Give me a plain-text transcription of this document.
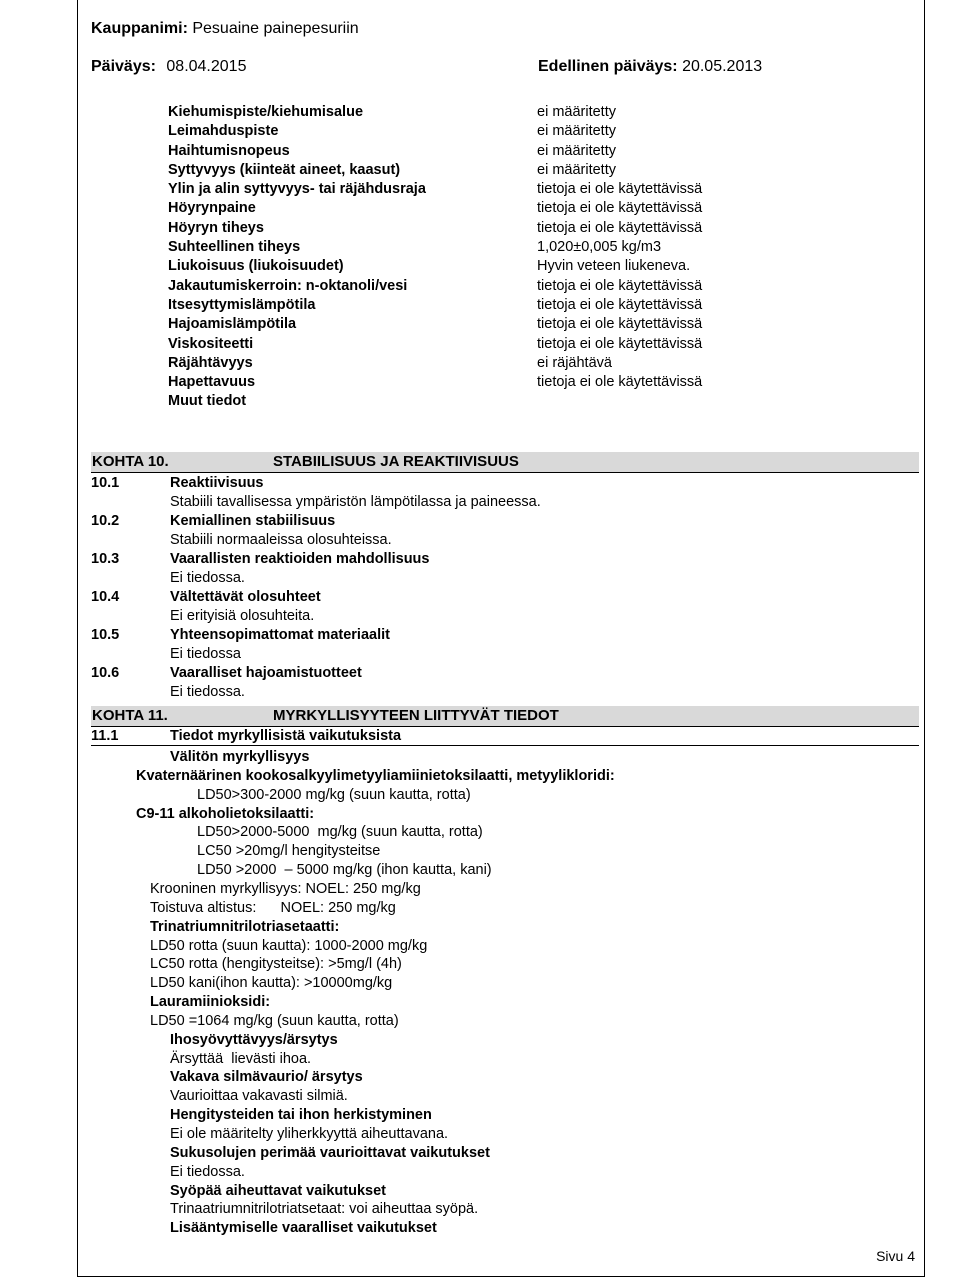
Kauppanimi: Pesuaine painepesuriin
Päiväys: 08.04.2015	Edellinen päiväys: 20.05.2013
Kiehumispiste/kiehumisalue	ei määritetty
Leimahduspiste	ei määritetty
Haihtumisnopeus	ei määritetty
Syttyvyys (kiinteät aineet, kaasut)	ei määritetty
Ylin ja alin syttyvyys- tai räjähdusraja	tietoja ei ole käytettävissä
Höyrynpaine	tietoja ei ole käytettävissä
Höyryn tiheys	tietoja ei ole käytettävissä
Suhteellinen tiheys	1,020±0,005 kg/m3
Liukoisuus (liukoisuudet)	Hyvin veteen liukeneva.
Jakautumiskerroin: n-oktanoli/vesi	tietoja ei ole käytettävissä
Itsesyttymislämpötila	tietoja ei ole käytettävissä
Hajoamislämpötila	tietoja ei ole käytettävissä
Viskositeetti	tietoja ei ole käytettävissä
Räjähtävyys	ei räjähtävä
Hapettavuus	tietoja ei ole käytettävissä
Muut tiedot
KOHTA 10.	STABIILISUUS JA REAKTIIVISUUS
10.1	Reaktiivisuus
Stabiili tavallisessa ympäristön lämpötilassa ja paineessa.
10.2	Kemiallinen stabiilisuus
Stabiili normaaleissa olosuhteissa.
10.3	Vaarallisten reaktioiden mahdollisuus
Ei tiedossa.
10.4	Vältettävät olosuhteet
Ei erityisiä olosuhteita.
10.5	Yhteensopimattomat materiaalit
Ei tiedossa
10.6	Vaaralliset hajoamistuotteet
Ei tiedossa.
KOHTA 11.	MYRKYLLISYYTEEN LIITTYVÄT TIEDOT
11.1	Tiedot myrkyllisistä vaikutuksista
Välitön myrkyllisyys
Kvaternäärinen kookosalkyylimetyyliamiinietoksilaatti, metyylikloridi:
LD50>300-2000 mg/kg (suun kautta, rotta)
C9-11 alkoholietoksilaatti:
LD50>2000-5000  mg/kg (suun kautta, rotta)
LC50 >20mg/l hengitysteitse
LD50 >2000  – 5000 mg/kg (ihon kautta, kani)
Krooninen myrkyllisyys: NOEL: 250 mg/kg
Toistuva altistus:      NOEL: 250 mg/kg
Trinatriumnitrilotriasetaatti:
LD50 rotta (suun kautta): 1000-2000 mg/kg
LC50 rotta (hengitysteitse): >5mg/l (4h)
LD50 kani(ihon kautta): >10000mg/kg
Lauramiinioksidi:
LD50 =1064 mg/kg (suun kautta, rotta)
Ihosyövyttävyys/ärsytys
Ärsyttää  lievästi ihoa.
Vakava silmävaurio/ ärsytys
Vaurioittaa vakavasti silmiä.
Hengitysteiden tai ihon herkistyminen
Ei ole määritelty yliherkkyyttä aiheuttavana.
Sukusolujen perimää vaurioittavat vaikutukset
Ei tiedossa.
Syöpää aiheuttavat vaikutukset
Trinaatriumnitrilotriatsetaat: voi aiheuttaa syöpä.
Lisääntymiselle vaaralliset vaikutukset
Sivu 4
